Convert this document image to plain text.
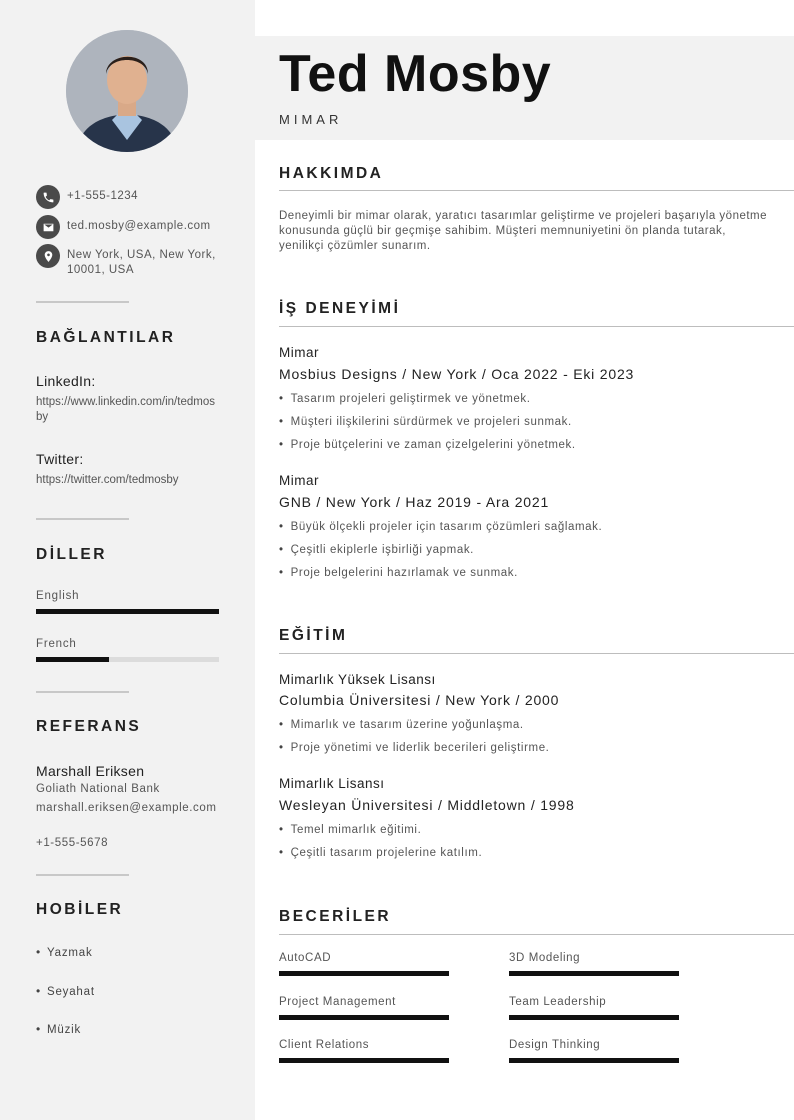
+1-555-1234
ted.mosby@example.com
New York, USA, New York, 10001, USA
BAĞLANTILAR
LinkedIn:
https://www.linkedin.com/in/tedmosby
Twitter:
https://twitter.com/tedmosby
DİLLER
English
French
REFERANS
Marshall Eriksen
Goliath National Bank
marshall.eriksen@example.com
+1-555-5678
HOBİLER
• Yazmak
• Seyahat
• Müzik
Ted Mosby
MIMAR
HAKKIMDA
Deneyimli bir mimar olarak, yaratıcı tasarımlar geliştirme ve projeleri başarıyla yönetme konusunda güçlü bir geçmişe sahibim. Müşteri memnuniyetini ön planda tutarak, yenilikçi çözümler sunarım.
İŞ DENEYİMİ
Mimar
Mosbius Designs / New York / Oca 2022 - Eki 2023
• Tasarım projeleri geliştirmek ve yönetmek.
• Müşteri ilişkilerini sürdürmek ve projeleri sunmak.
• Proje bütçelerini ve zaman çizelgelerini yönetmek.
Mimar
GNB / New York / Haz 2019 - Ara 2021
• Büyük ölçekli projeler için tasarım çözümleri sağlamak.
• Çeşitli ekiplerle işbirliği yapmak.
• Proje belgelerini hazırlamak ve sunmak.
EĞİTİM
Mimarlık Yüksek Lisansı
Columbia Üniversitesi / New York / 2000
• Mimarlık ve tasarım üzerine yoğunlaşma.
• Proje yönetimi ve liderlik becerileri geliştirme.
Mimarlık Lisansı
Wesleyan Üniversitesi / Middletown / 1998
• Temel mimarlık eğitimi.
• Çeşitli tasarım projelerine katılım.
BECERİLER
AutoCAD	3D Modeling
Project Management	Team Leadership
Client Relations	Design Thinking
